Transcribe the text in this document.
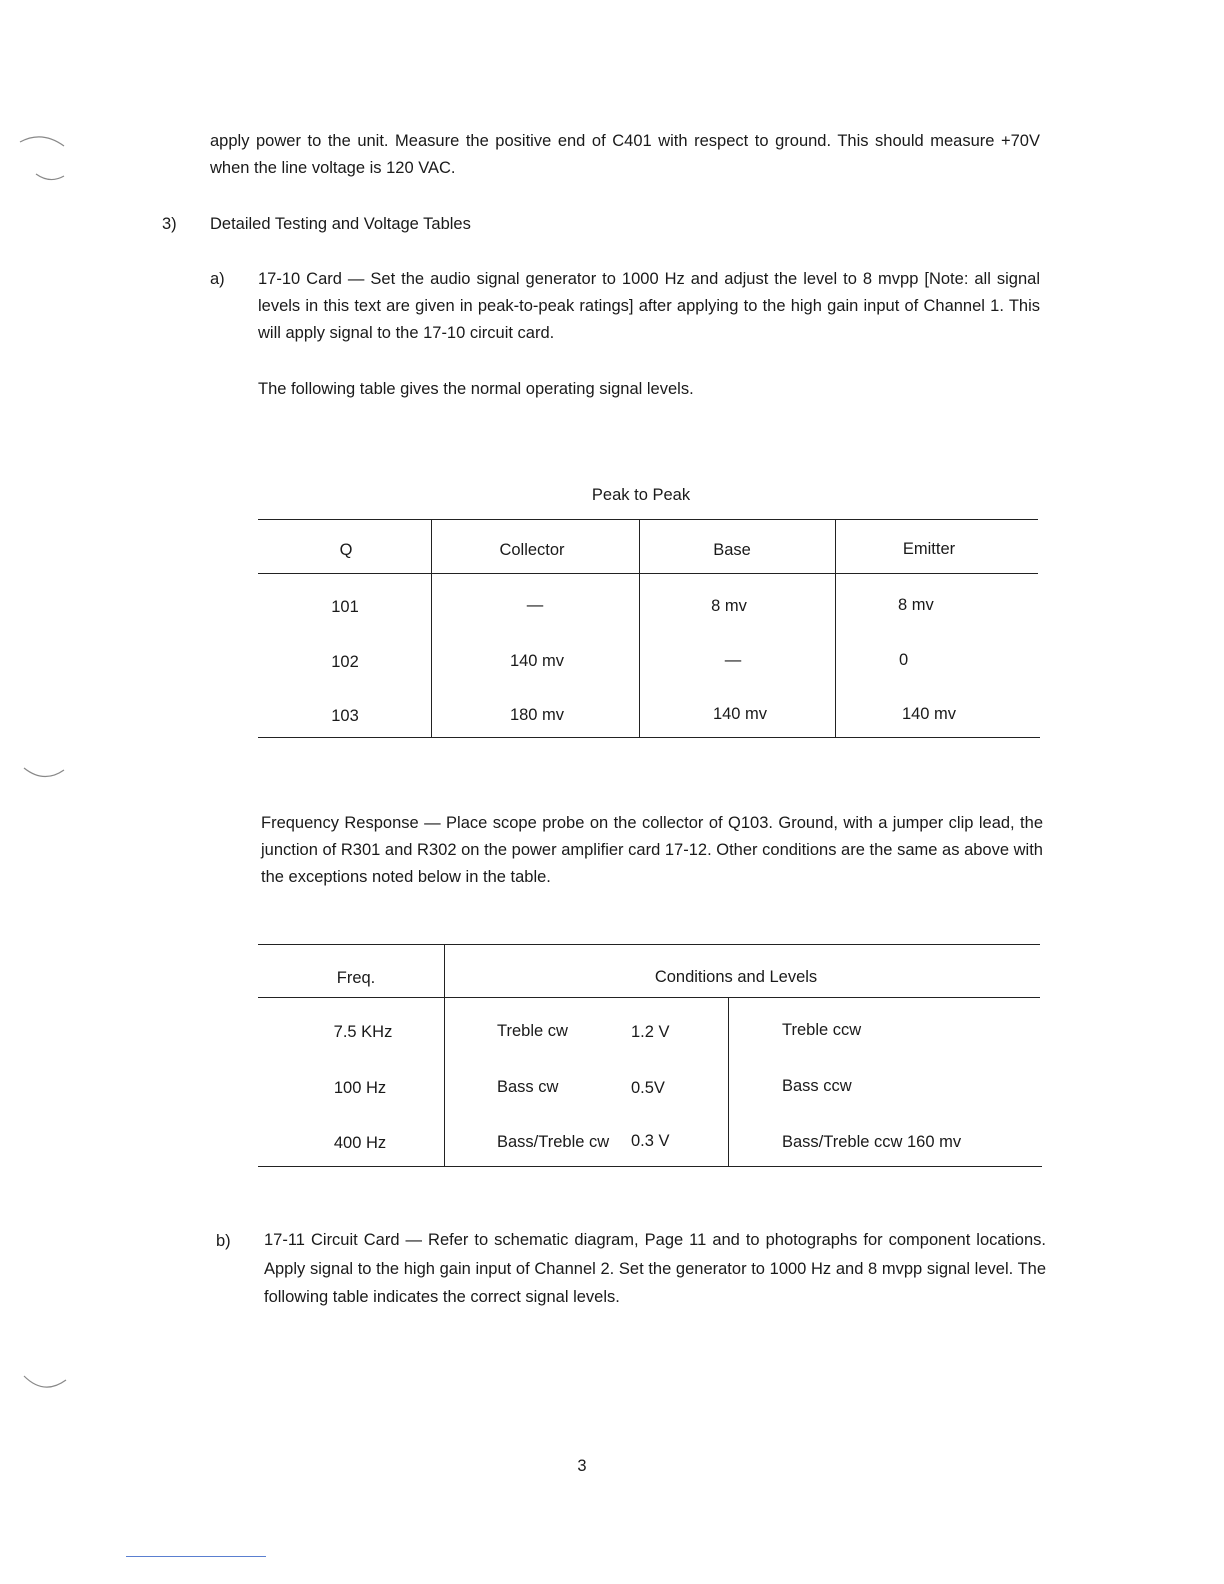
apply power to the unit. Measure the positive end of C401 with respect to ground. This should measure +70V when the line voltage is 120 VAC.

3) Detailed Testing and Voltage Tables
a) 17-10 Card — Set the audio signal generator to 1000 Hz and adjust the level to 8 mvpp [Note: all signal levels in this text are given in peak-to-peak ratings] after applying to the high gain input of Channel 1. This will apply signal to the 17-10 circuit card.

The following table gives the normal operating signal levels.

Peak to Peak
Q	Collector	Base	Emitter
101	—	8 mv	8 mv
102	140 mv	—	0
103	180 mv	140 mv	140 mv

Frequency Response — Place scope probe on the collector of Q103. Ground, with a jumper clip lead, the junction of R301 and R302 on the power amplifier card 17-12. Other conditions are the same as above with the exceptions noted below in the table.

Freq.	Conditions and Levels
7.5 KHz	Treble cw	1.2 V	Treble ccw
100 Hz	Bass cw	0.5V	Bass ccw
400 Hz	Bass/Treble cw 0.3 V	Bass/Treble ccw 160 mv
b) 17-11 Circuit Card — Refer to schematic diagram, Page 11 and to photographs for component locations. Apply signal to the high gain input of Channel 2. Set the generator to 1000 Hz and 8 mvpp signal level. The following table indicates the correct signal levels.

3
